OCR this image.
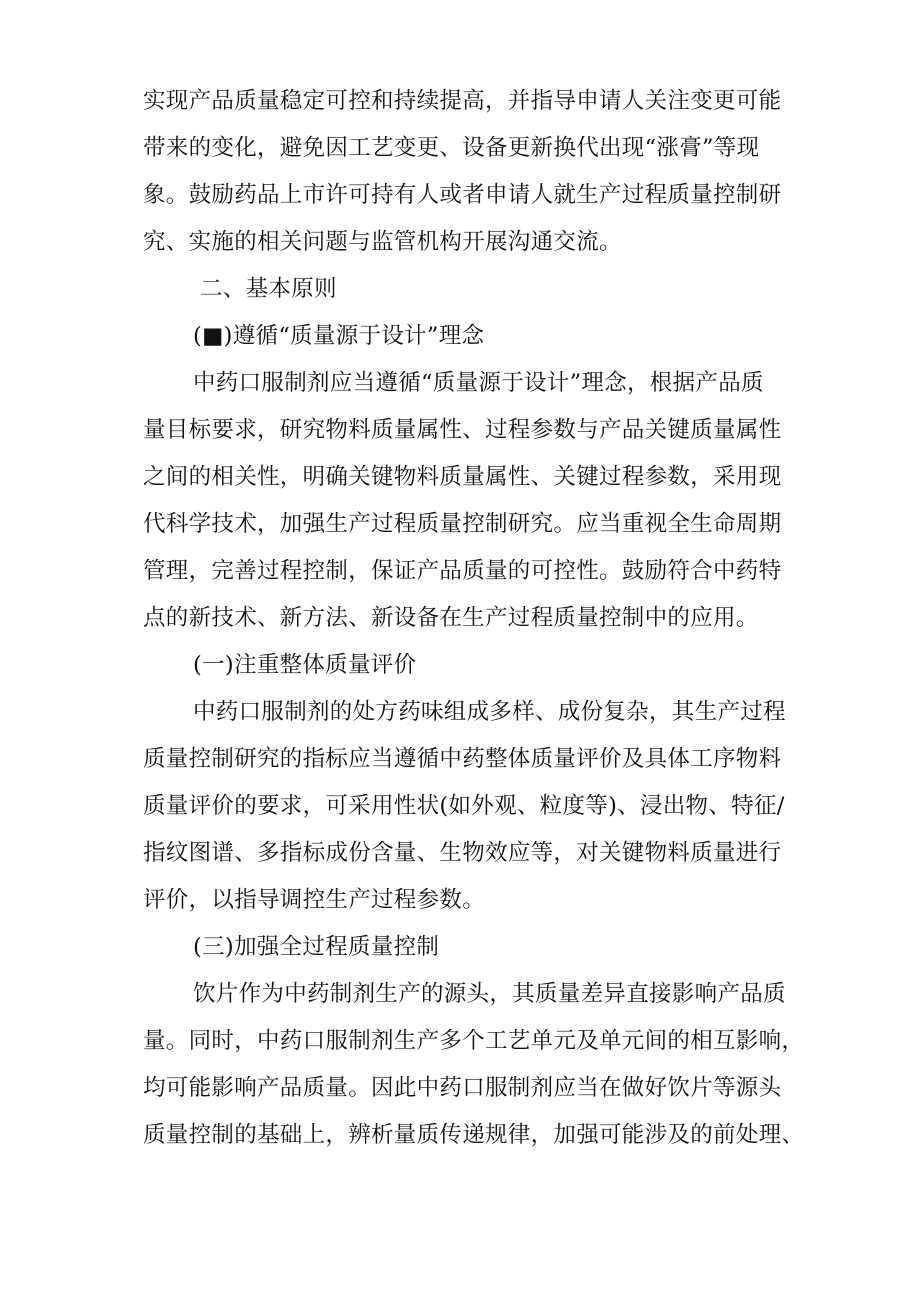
实现产品质量稳定可控和持续提高，并指导申请人关注变更可能
带来的变化，避免因工艺变更、设备更新换代出现“涨膏”等现
象。鼓励药品上市许可持有人或者申请人就生产过程质量控制研
究、实施的相关问题与监管机构开展沟通交流。
二、基本原则
(■)遵循“质量源于设计”理念
中药口服制剂应当遵循“质量源于设计”理念，根据产品质
量目标要求，研究物料质量属性、过程参数与产品关键质量属性
之间的相关性，明确关键物料质量属性、关键过程参数，采用现
代科学技术，加强生产过程质量控制研究。应当重视全生命周期
管理，完善过程控制，保证产品质量的可控性。鼓励符合中药特
点的新技术、新方法、新设备在生产过程质量控制中的应用。
(一)注重整体质量评价
中药口服制剂的处方药味组成多样、成份复杂，其生产过程
质量控制研究的指标应当遵循中药整体质量评价及具体工序物料
质量评价的要求，可采用性状(如外观、粒度等)、浸出物、特征/
指纹图谱、多指标成份含量、生物效应等，对关键物料质量进行
评价，以指导调控生产过程参数。
(三)加强全过程质量控制
饮片作为中药制剂生产的源头，其质量差异直接影响产品质
量。同时，中药口服制剂生产多个工艺单元及单元间的相互影响，
均可能影响产品质量。因此中药口服制剂应当在做好饮片等源头
质量控制的基础上，辨析量质传递规律，加强可能涉及的前处理、
